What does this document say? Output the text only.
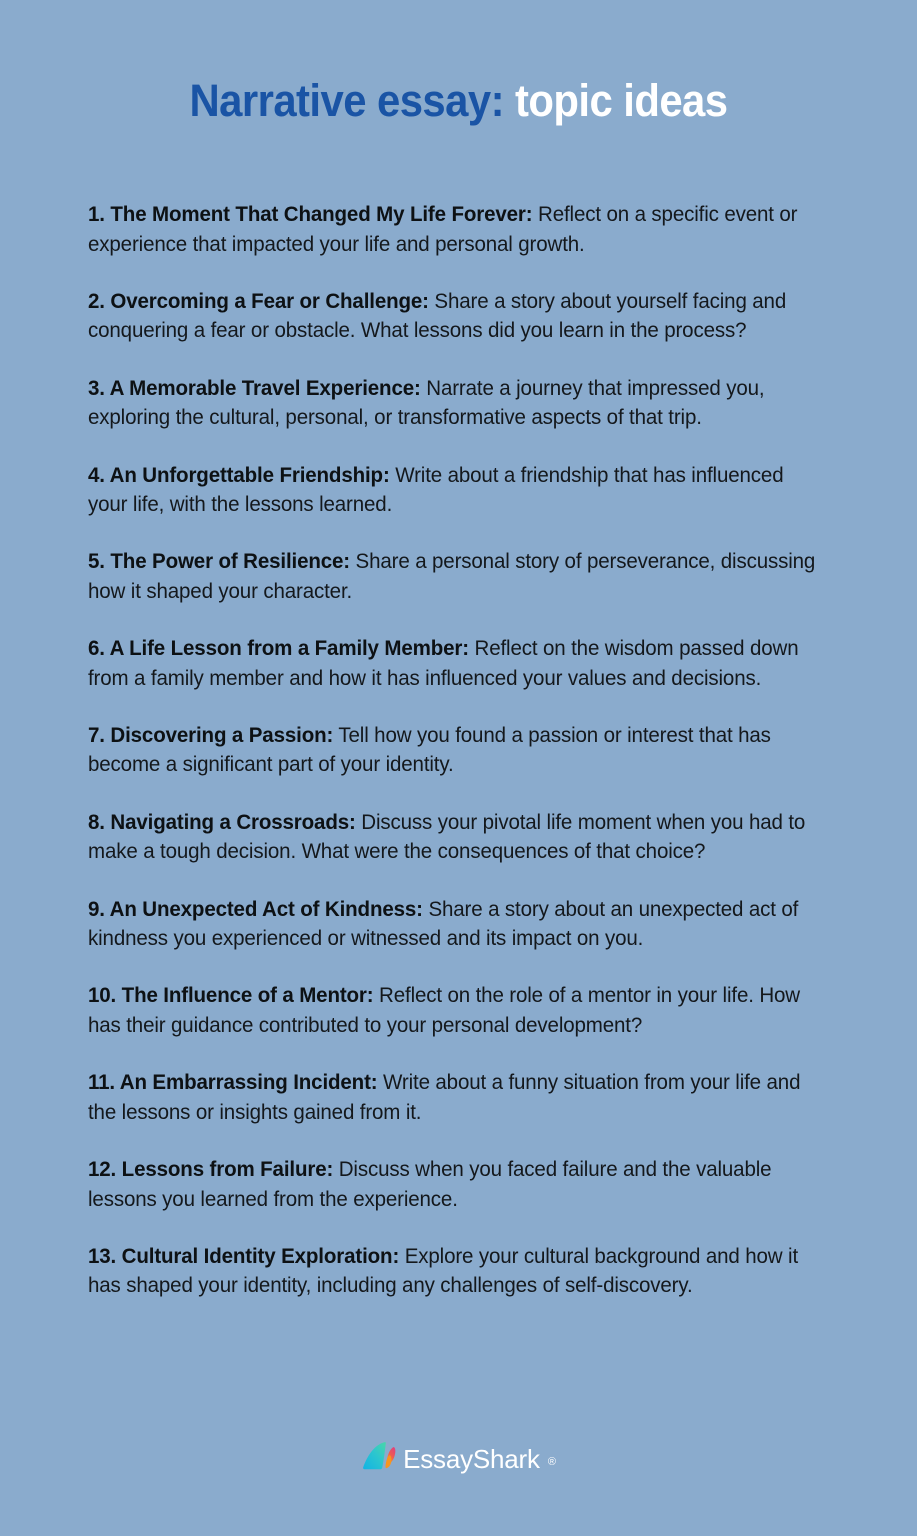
Narrative essay: topic ideas

1. The Moment That Changed My Life Forever: Reflect on a specific event or experience that impacted your life and personal growth.

2. Overcoming a Fear or Challenge: Share a story about yourself facing and conquering a fear or obstacle. What lessons did you learn in the process?

3. A Memorable Travel Experience: Narrate a journey that impressed you, exploring the cultural, personal, or transformative aspects of that trip.

4. An Unforgettable Friendship: Write about a friendship that has influenced your life, with the lessons learned.

5. The Power of Resilience: Share a personal story of perseverance, discussing how it shaped your character.

6. A Life Lesson from a Family Member: Reflect on the wisdom passed down from a family member and how it has influenced your values and decisions.

7. Discovering a Passion: Tell how you found a passion or interest that has become a significant part of your identity.

8. Navigating a Crossroads: Discuss your pivotal life moment when you had to make a tough decision. What were the consequences of that choice?

9. An Unexpected Act of Kindness: Share a story about an unexpected act of kindness you experienced or witnessed and its impact on you.

10. The Influence of a Mentor: Reflect on the role of a mentor in your life. How has their guidance contributed to your personal development?

11. An Embarrassing Incident: Write about a funny situation from your life and the lessons or insights gained from it.

12. Lessons from Failure: Discuss when you faced failure and the valuable lessons you learned from the experience.

13. Cultural Identity Exploration: Explore your cultural background and how it has shaped your identity, including any challenges of self-discovery.

EssayShark ®
